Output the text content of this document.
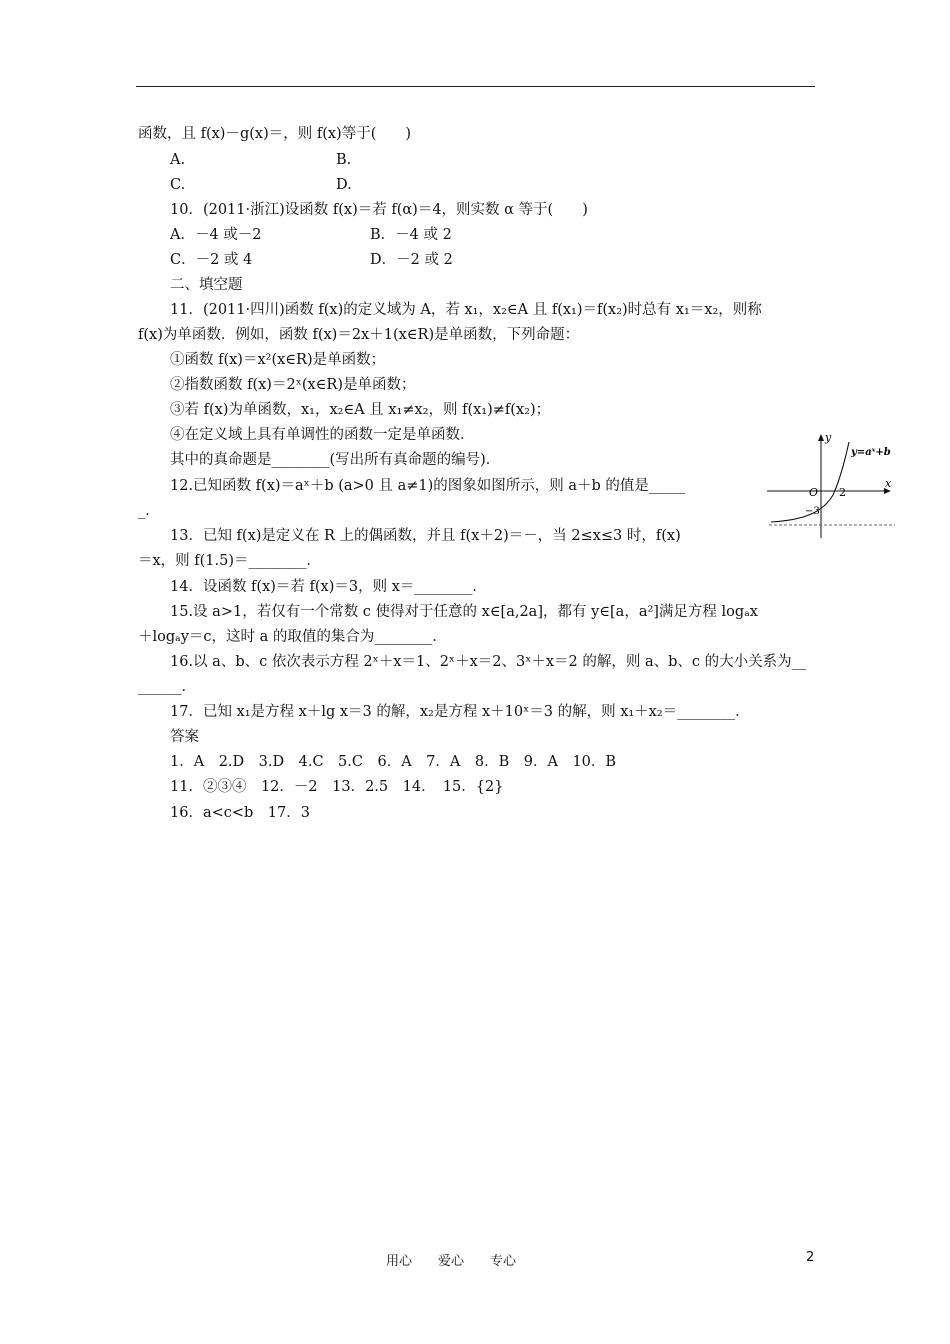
函数，且 f(x)－g(x)＝，则 f(x)等于(　　)
A.	B.
C.	D.
10．(2011·浙江)设函数 f(x)＝若 f(α)＝4，则实数 α 等于(　　)
A．－4 或－2	B．－4 或 2
C．－2 或 4	D．－2 或 2
二、填空题
11．(2011·四川)函数 f(x)的定义域为 A，若 x₁，x₂∈A 且 f(x₁)＝f(x₂)时总有 x₁＝x₂，则称
f(x)为单函数．例如，函数 f(x)＝2x＋1(x∈R)是单函数，下列命题：
①函数 f(x)＝x²(x∈R)是单函数；
②指数函数 f(x)＝2ˣ(x∈R)是单函数；
③若 f(x)为单函数，x₁，x₂∈A 且 x₁≠x₂，则 f(x₁)≠f(x₂)；
④在定义域上具有单调性的函数一定是单函数．
其中的真命题是________(写出所有真命题的编号)．
12.已知函数 f(x)＝aˣ＋b (a>0 且 a≠1)的图象如图所示，则 a＋b 的值是_____
_．
13．已知 f(x)是定义在 R 上的偶函数，并且 f(x＋2)＝－，当 2≤x≤3 时，f(x)
＝x，则 f(1.5)＝________．
14．设函数 f(x)＝若 f(x)＝3，则 x＝________．
15.设 a>1，若仅有一个常数 c 使得对于任意的 x∈[a,2a]，都有 y∈[a，a²]满足方程 logₐx
＋logₐy＝c，这时 a 的取值的集合为________．
16.以 a、b、c 依次表示方程 2ˣ＋x＝1、2ˣ＋x＝2、3ˣ＋x＝2 的解，则 a、b、c 的大小关系为__
______．
17．已知 x₁是方程 x＋lg x＝3 的解，x₂是方程 x＋10ˣ＝3 的解，则 x₁＋x₂＝________．
答案
1．A　2.D　3.D　4.C　5.C　6．A　7．A　8．B　9．A　10．B
11．②③④　12．－2　13．2.5　14．　15．{2}
16．a<c<b　17．3
y
x
O 2
−3
y=aˣ+b
用心　　爱心　　专心	2
